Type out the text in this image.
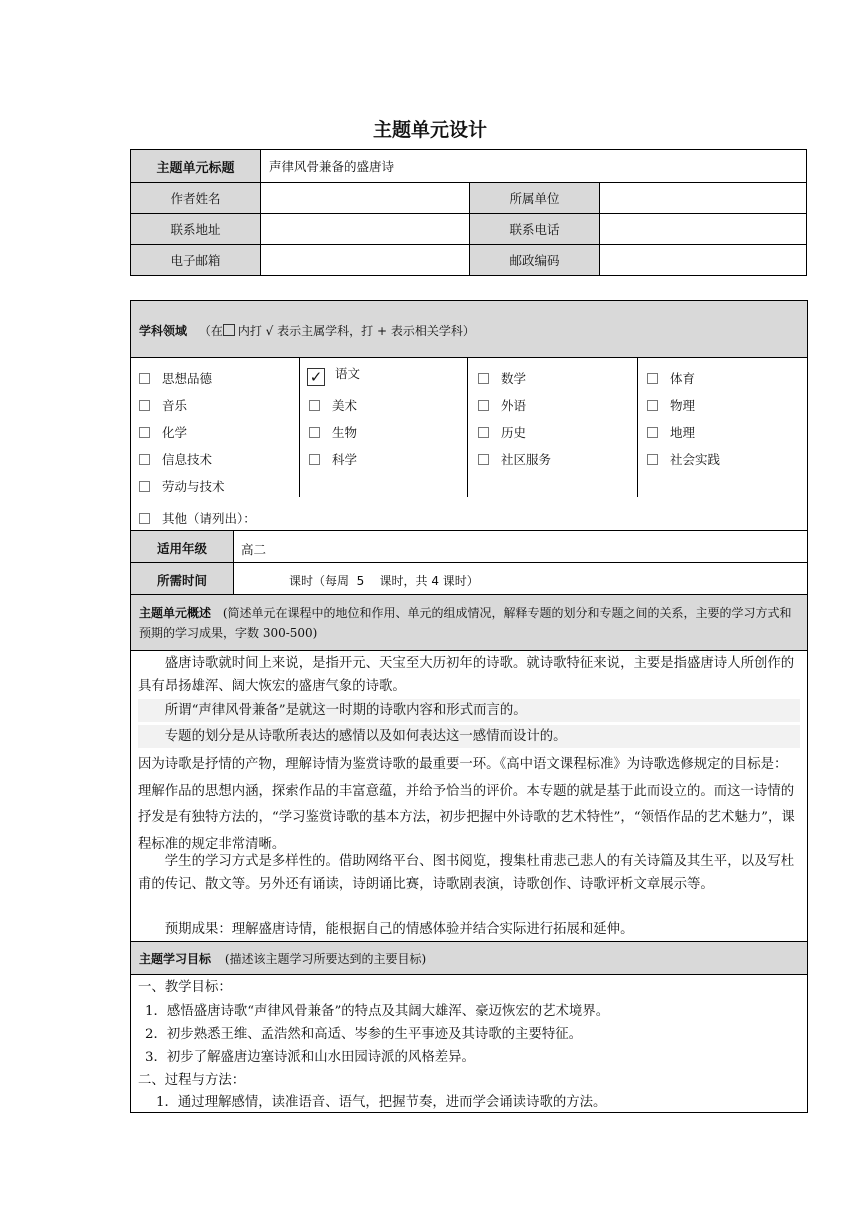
主题单元设计
主题单元标题	声律风骨兼备的盛唐诗		
作者姓名		所属单位	
联系地址		联系电话	
电子邮箱		邮政编码	
学科领域 （在 内打 √ 表示主属学科，打 + 表示相关学科）
思想品德
音乐
化学
信息技术
劳动与技术
✓ 语文
美术
生物
科学
数学
外语
历史
社区服务
体育
物理
地理
社会实践
其他（请列出）：
适用年级	高二
所需时间	课时（每周  5    课时，共 4 课时）
主题单元概述 (简述单元在课程中的地位和作用、单元的组成情况，解释专题的划分和专题之间的关系，主要的学习方式和预期的学习成果，字数 300-500)
盛唐诗歌就时间上来说，是指开元、天宝至大历初年的诗歌。就诗歌特征来说，主要是指盛唐诗人所创作的具有昂扬雄浑、阔大恢宏的盛唐气象的诗歌。
所谓“声律风骨兼备”是就这一时期的诗歌内容和形式而言的。
专题的划分是从诗歌所表达的感情以及如何表达这一感情而设计的。
因为诗歌是抒情的产物，理解诗情为鉴赏诗歌的最重要一环。《高中语文课程标准》为诗歌选修规定的目标是：理解作品的思想内涵，探索作品的丰富意蕴，并给予恰当的评价。本专题的就是基于此而设立的。而这一诗情的抒发是有独特方法的，“学习鉴赏诗歌的基本方法，初步把握中外诗歌的艺术特性”，“领悟作品的艺术魅力”，课程标准的规定非常清晰。
学生的学习方式是多样性的。借助网络平台、图书阅览，搜集杜甫悲己悲人的有关诗篇及其生平，以及写杜甫的传记、散文等。另外还有诵读，诗朗诵比赛，诗歌剧表演，诗歌创作、诗歌评析文章展示等。
预期成果：理解盛唐诗情，能根据自己的情感体验并结合实际进行拓展和延伸。
主题学习目标 (描述该主题学习所要达到的主要目标)
一、教学目标：
1．感悟盛唐诗歌“声律风骨兼备”的特点及其阔大雄浑、豪迈恢宏的艺术境界。
2．初步熟悉王维、孟浩然和高适、岑参的生平事迹及其诗歌的主要特征。
3．初步了解盛唐边塞诗派和山水田园诗派的风格差异。
二、过程与方法：
1．通过理解感情，读准语音、语气，把握节奏，进而学会诵读诗歌的方法。
